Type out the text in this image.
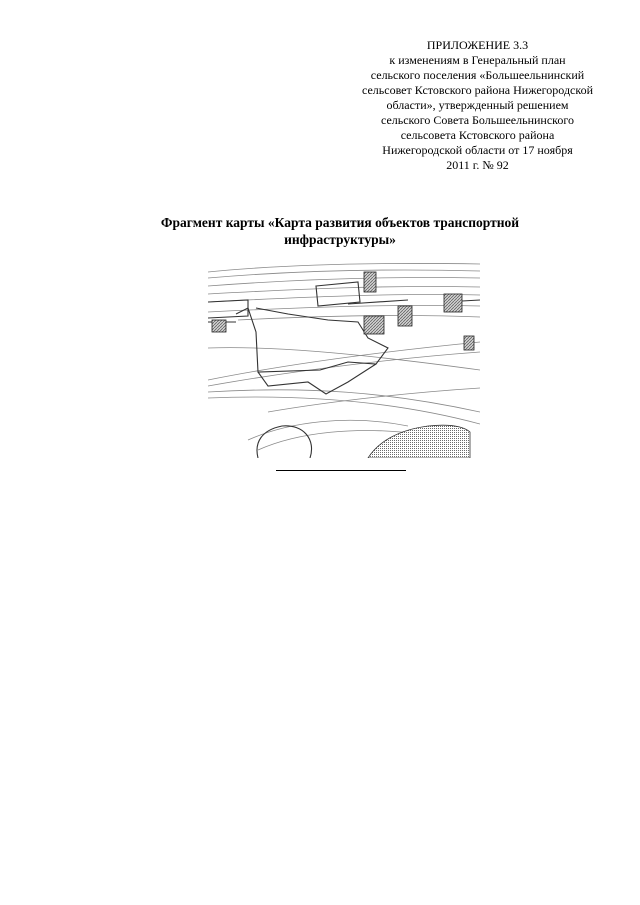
ПРИЛОЖЕНИЕ 3.3
к изменениям в Генеральный план
сельского поселения «Большеельнинский
сельсовет Кстовского района Нижегородской
области», утвержденный решением
сельского Совета Большеельнинского
сельсовета Кстовского района
Нижегородской области от 17 ноября
2011 г. № 92
Фрагмент карты «Карта развития объектов транспортной
инфраструктуры»
